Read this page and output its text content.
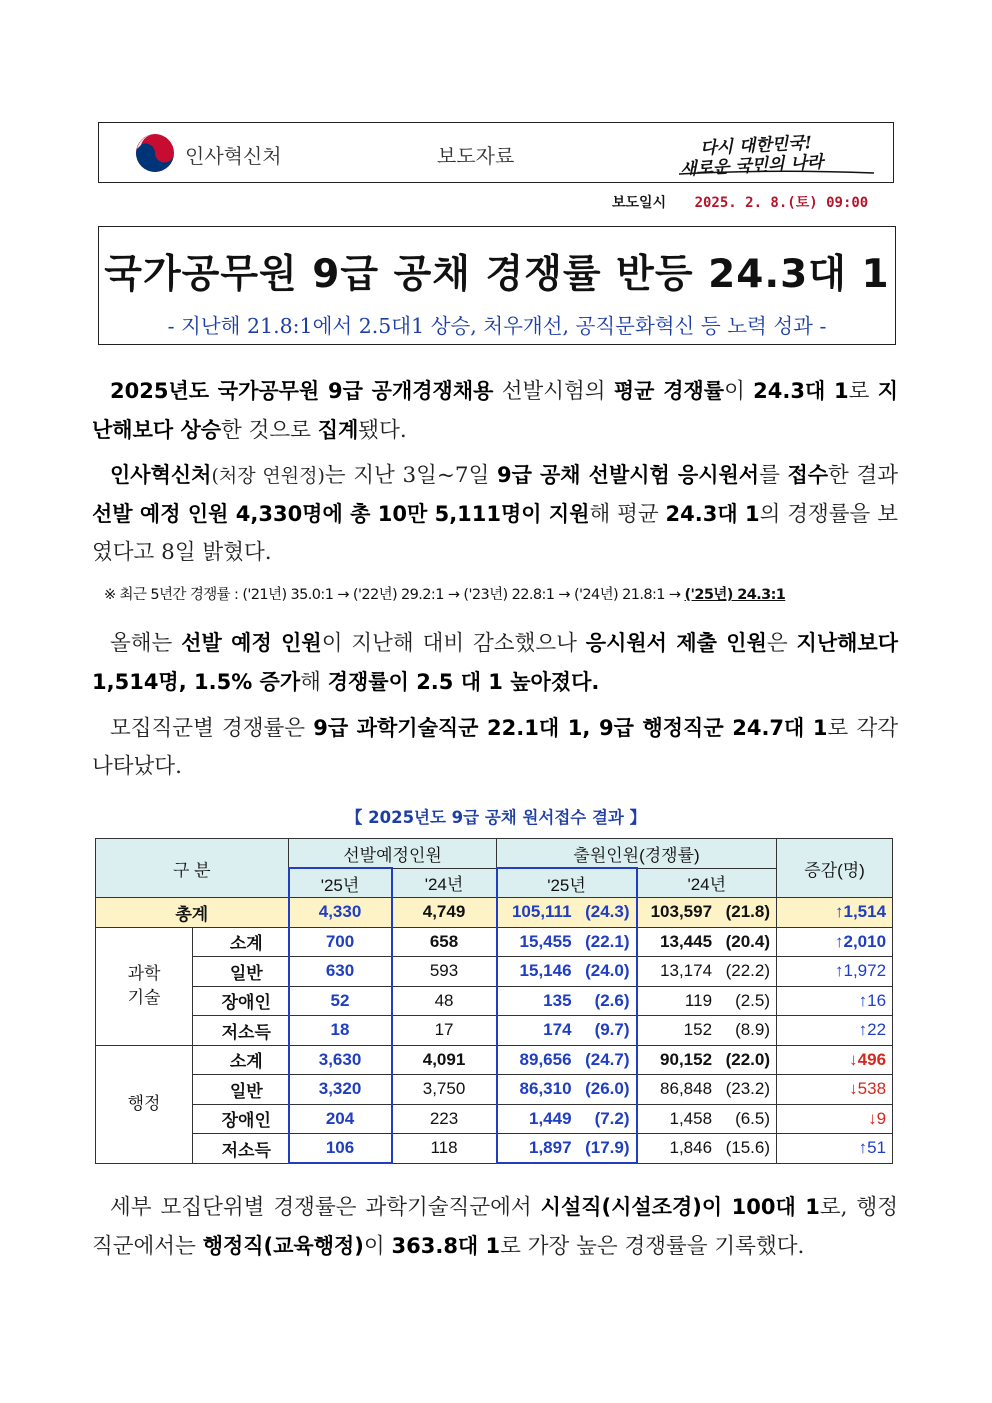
인사혁신처	보도자료	다시 대한민국!
새로운 국민의 나라
보도일시 2025. 2. 8.(토) 09:00
국가공무원 9급 공채 경쟁률 반등 24.3대 1
- 지난해 21.8:1에서 2.5대1 상승, 처우개선, 공직문화혁신 등 노력 성과 -
2025년도 국가공무원 9급 공개경쟁채용 선발시험의 평균 경쟁률이 24.3대 1로 지난해보다 상승한 것으로 집계됐다.
인사혁신처(처장 연원정)는 지난 3일~7일 9급 공채 선발시험 응시원서를 접수한 결과 선발 예정 인원 4,330명에 총 10만 5,111명이 지원해 평균 24.3대 1의 경쟁률을 보였다고 8일 밝혔다.
※ 최근 5년간 경쟁률 : ('21년) 35.0:1 → ('22년) 29.2:1 → ('23년) 22.8:1 → ('24년) 21.8:1 → ('25년) 24.3:1
올해는 선발 예정 인원이 지난해 대비 감소했으나 응시원서 제출 인원은 지난해보다 1,514명, 1.5% 증가해 경쟁률이 2.5 대 1 높아졌다.
모집직군별 경쟁률은 9급 과학기술직군 22.1대 1, 9급 행정직군 24.7대 1로 각각 나타났다.
【 2025년도 9급 공채 원서접수 결과 】
구 분		선발예정인원		출원인원(경쟁률)		증감(명)
		'25년	'24년	'25년	'24년	
총계		4,330	4,749	105,111 (24.3)	103,597 (21.8)	↑1,514
과학
기술	소계	700	658	15,455 (22.1)	13,445 (20.4)	↑2,010
	일반	630	593	15,146 (24.0)	13,174 (22.2)	↑1,972
	장애인	52	48	135 (2.6)	119 (2.5)	↑16
	저소득	18	17	174 (9.7)	152 (8.9)	↑22
행정	소계	3,630	4,091	89,656 (24.7)	90,152 (22.0)	↓496
	일반	3,320	3,750	86,310 (26.0)	86,848 (23.2)	↓538
	장애인	204	223	1,449 (7.2)	1,458 (6.5)	↓9
	저소득	106	118	1,897 (17.9)	1,846 (15.6)	↑51
세부 모집단위별 경쟁률은 과학기술직군에서 시설직(시설조경)이 100대 1로, 행정직군에서는 행정직(교육행정)이 363.8대 1로 가장 높은 경쟁률을 기록했다.
